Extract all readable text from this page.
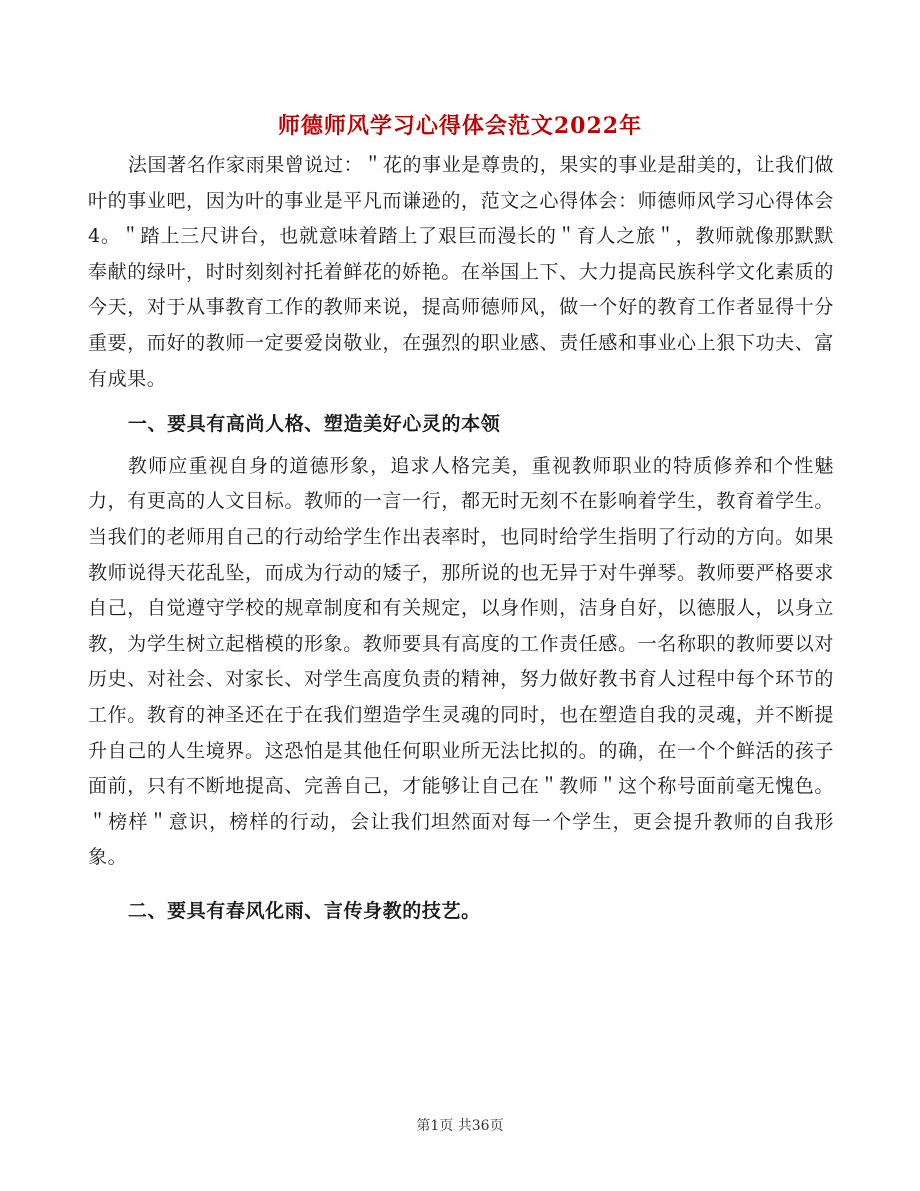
师德师风学习心得体会范文2022年

法国著名作家雨果曾说过：＂花的事业是尊贵的，果实的事业是甜美的，让我们做叶的事业吧，因为叶的事业是平凡而谦逊的，范文之心得体会：师德师风学习心得体会4。＂踏上三尺讲台，也就意味着踏上了艰巨而漫长的＂育人之旅＂，教师就像那默默奉献的绿叶，时时刻刻衬托着鲜花的娇艳。在举国上下、大力提高民族科学文化素质的今天，对于从事教育工作的教师来说，提高师德师风，做一个好的教育工作者显得十分重要，而好的教师一定要爱岗敬业，在强烈的职业感、责任感和事业心上狠下功夫、富有成果。

一、要具有高尚人格、塑造美好心灵的本领

教师应重视自身的道德形象，追求人格完美，重视教师职业的特质修养和个性魅力，有更高的人文目标。教师的一言一行，都无时无刻不在影响着学生，教育着学生。当我们的老师用自己的行动给学生作出表率时，也同时给学生指明了行动的方向。如果教师说得天花乱坠，而成为行动的矮子，那所说的也无异于对牛弹琴。教师要严格要求自己，自觉遵守学校的规章制度和有关规定，以身作则，洁身自好，以德服人，以身立教，为学生树立起楷模的形象。教师要具有高度的工作责任感。一名称职的教师要以对历史、对社会、对家长、对学生高度负责的精神，努力做好教书育人过程中每个环节的工作。教育的神圣还在于在我们塑造学生灵魂的同时，也在塑造自我的灵魂，并不断提升自己的人生境界。这恐怕是其他任何职业所无法比拟的。的确，在一个个鲜活的孩子面前，只有不断地提高、完善自己，才能够让自己在＂教师＂这个称号面前毫无愧色。＂榜样＂意识，榜样的行动，会让我们坦然面对每一个学生，更会提升教师的自我形象。

二、要具有春风化雨、言传身教的技艺。

第1页 共36页
